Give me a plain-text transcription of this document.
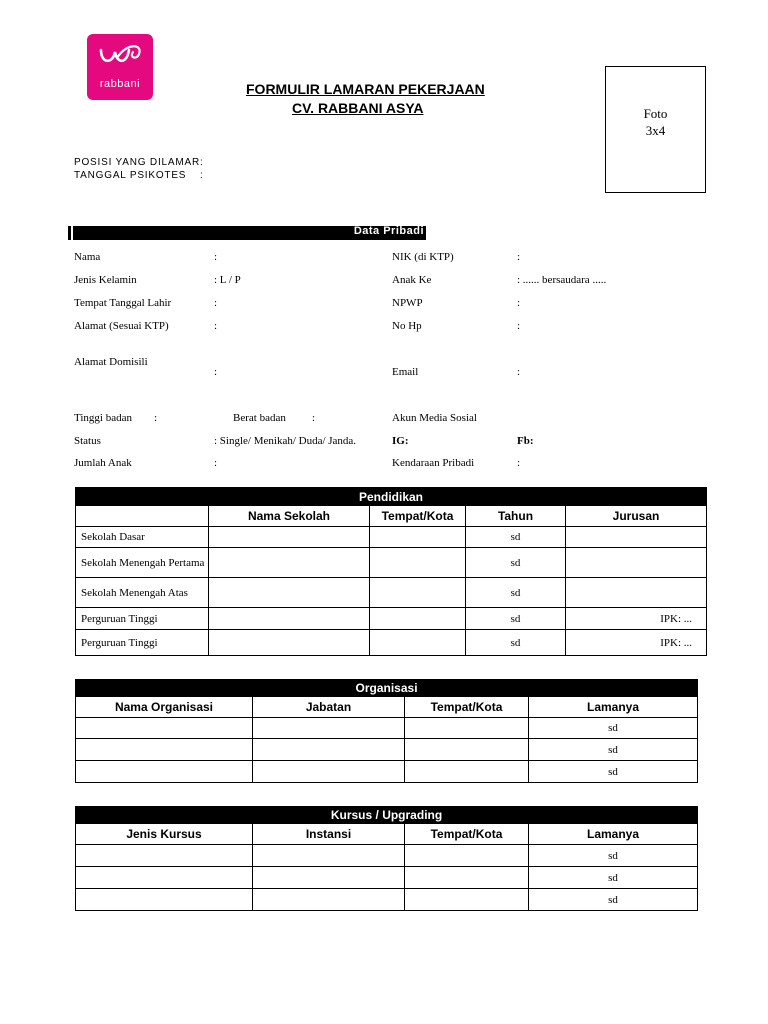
rabbani	FORMULIR LAMARAN PEKERJAAN
CV. RABBANI ASYA	Foto
3x4
POSISI YANG DILAMAR :
TANGGAL PSIKOTES :
Data Pribadi
Nama	:
Jenis Kelamin	: L / P
Tempat Tanggal Lahir	:
Alamat (Sesuai KTP)	:
Alamat Domisili
:
Tinggi badan :	Berat badan :
Status	: Single/ Menikah/ Duda/ Janda.
Jumlah Anak	:
NIK (di KTP)	:
Anak Ke	: ...... bersaudara .....
NPWP	:
No Hp	:
Email	:
Akun Media Sosial
IG:	Fb:
Kendaraan Pribadi	:
Pendidikan				
	Nama Sekolah	Tempat/Kota	Tahun	Jurusan
Sekolah Dasar			sd	
Sekolah Menengah Pertama			sd	
Sekolah Menengah Atas			sd	
Perguruan Tinggi			sd	IPK: ...
Perguruan Tinggi			sd	IPK: ...
Organisasi			
Nama Organisasi	Jabatan	Tempat/Kota	Lamanya
			sd
			sd
			sd
Kursus / Upgrading			
Jenis Kursus	Instansi	Tempat/Kota	Lamanya
			sd
			sd
			sd
